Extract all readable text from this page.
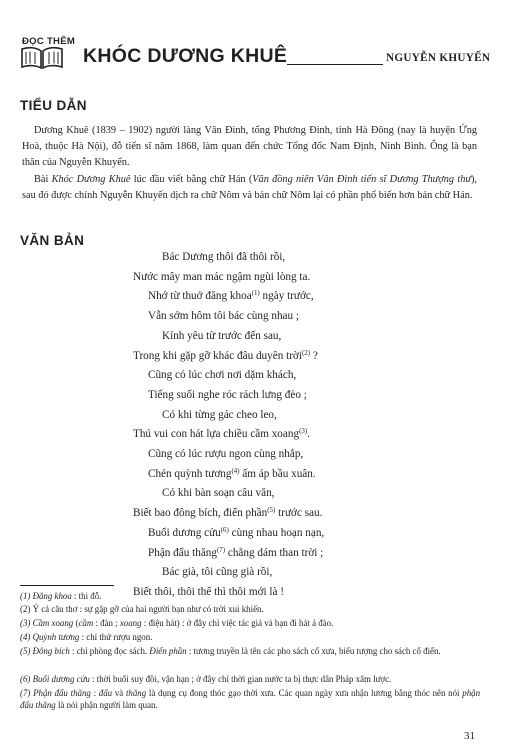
ĐỌC THÊM
KHÓC DƯƠNG KHUÊ	NGUYỄN KHUYẾN
TIỂU DẪN
Dương Khuê (1839 – 1902) người làng Vân Đình, tổng Phương Đình, tỉnh Hà Đông (nay là huyện Ứng Hoà, thuộc Hà Nội), đỗ tiến sĩ năm 1868, làm quan đến chức Tổng đốc Nam Định, Ninh Bình. Ông là bạn thân của Nguyễn Khuyến.
Bài Khóc Dương Khuê lúc đầu viết bằng chữ Hán (Văn đồng niên Vân Đình tiến sĩ Dương Thượng thư), sau đó được chính Nguyễn Khuyến dịch ra chữ Nôm và bản chữ Nôm lại có phần phổ biến hơn bản chữ Hán.
VĂN BẢN
Bác Dương thôi đã thôi rồi,
Nước mây man mác ngậm ngùi lòng ta.
Nhớ từ thuở đăng khoa$^{(1)}$ ngày trước,
Vẫn sớm hôm tôi bác cùng nhau ;
Kính yêu từ trước đến sau,
Trong khi gặp gỡ khác đâu duyên trời$^{(2)}$ ?
Cũng có lúc chơi nơi dặm khách,
Tiếng suối nghe róc rách lưng đèo ;
Có khi từng gác cheo leo,
Thú vui con hát lựa chiều cầm xoang$^{(3)}$.
Cũng có lúc rượu ngon cùng nhắp,
Chén quỳnh tương$^{(4)}$ ấm áp bầu xuân.
Có khi bàn soạn câu văn,
Biết bao đông bích, điển phần$^{(5)}$ trước sau.
Buổi dương cửu$^{(6)}$ cùng nhau hoạn nạn,
Phận đẩu thăng$^{(7)}$ chẳng dám than trời ;
Bác già, tôi cũng già rồi,
Biết thôi, thôi thế thì thôi mới là !
(1) Đăng khoa : thi đỗ.
(2) Ý cả câu thơ : sự gặp gỡ của hai người bạn như có trời xui khiến.
(3) Cầm xoang (cầm : đàn ; xoang : điệu hát) : ở đây chỉ việc tác giả và bạn đi hát ả đào.
(4) Quỳnh tương : chỉ thứ rượu ngon.
(5) Đông bích : chỉ phòng đọc sách. Điển phần : tương truyền là tên các pho sách cổ xưa, biểu tượng cho sách cổ điển.
(6) Buổi dương cửu : thời buổi suy đồi, vận hạn ; ở đây chỉ thời gian nước ta bị thực dân Pháp xâm lược.
(7) Phận đẩu thăng : đẩu và thăng là dụng cụ đong thóc gạo thời xưa. Các quan ngày xưa nhận lương bằng thóc nên nói phận đẩu thăng là nói phận người làm quan.
31
